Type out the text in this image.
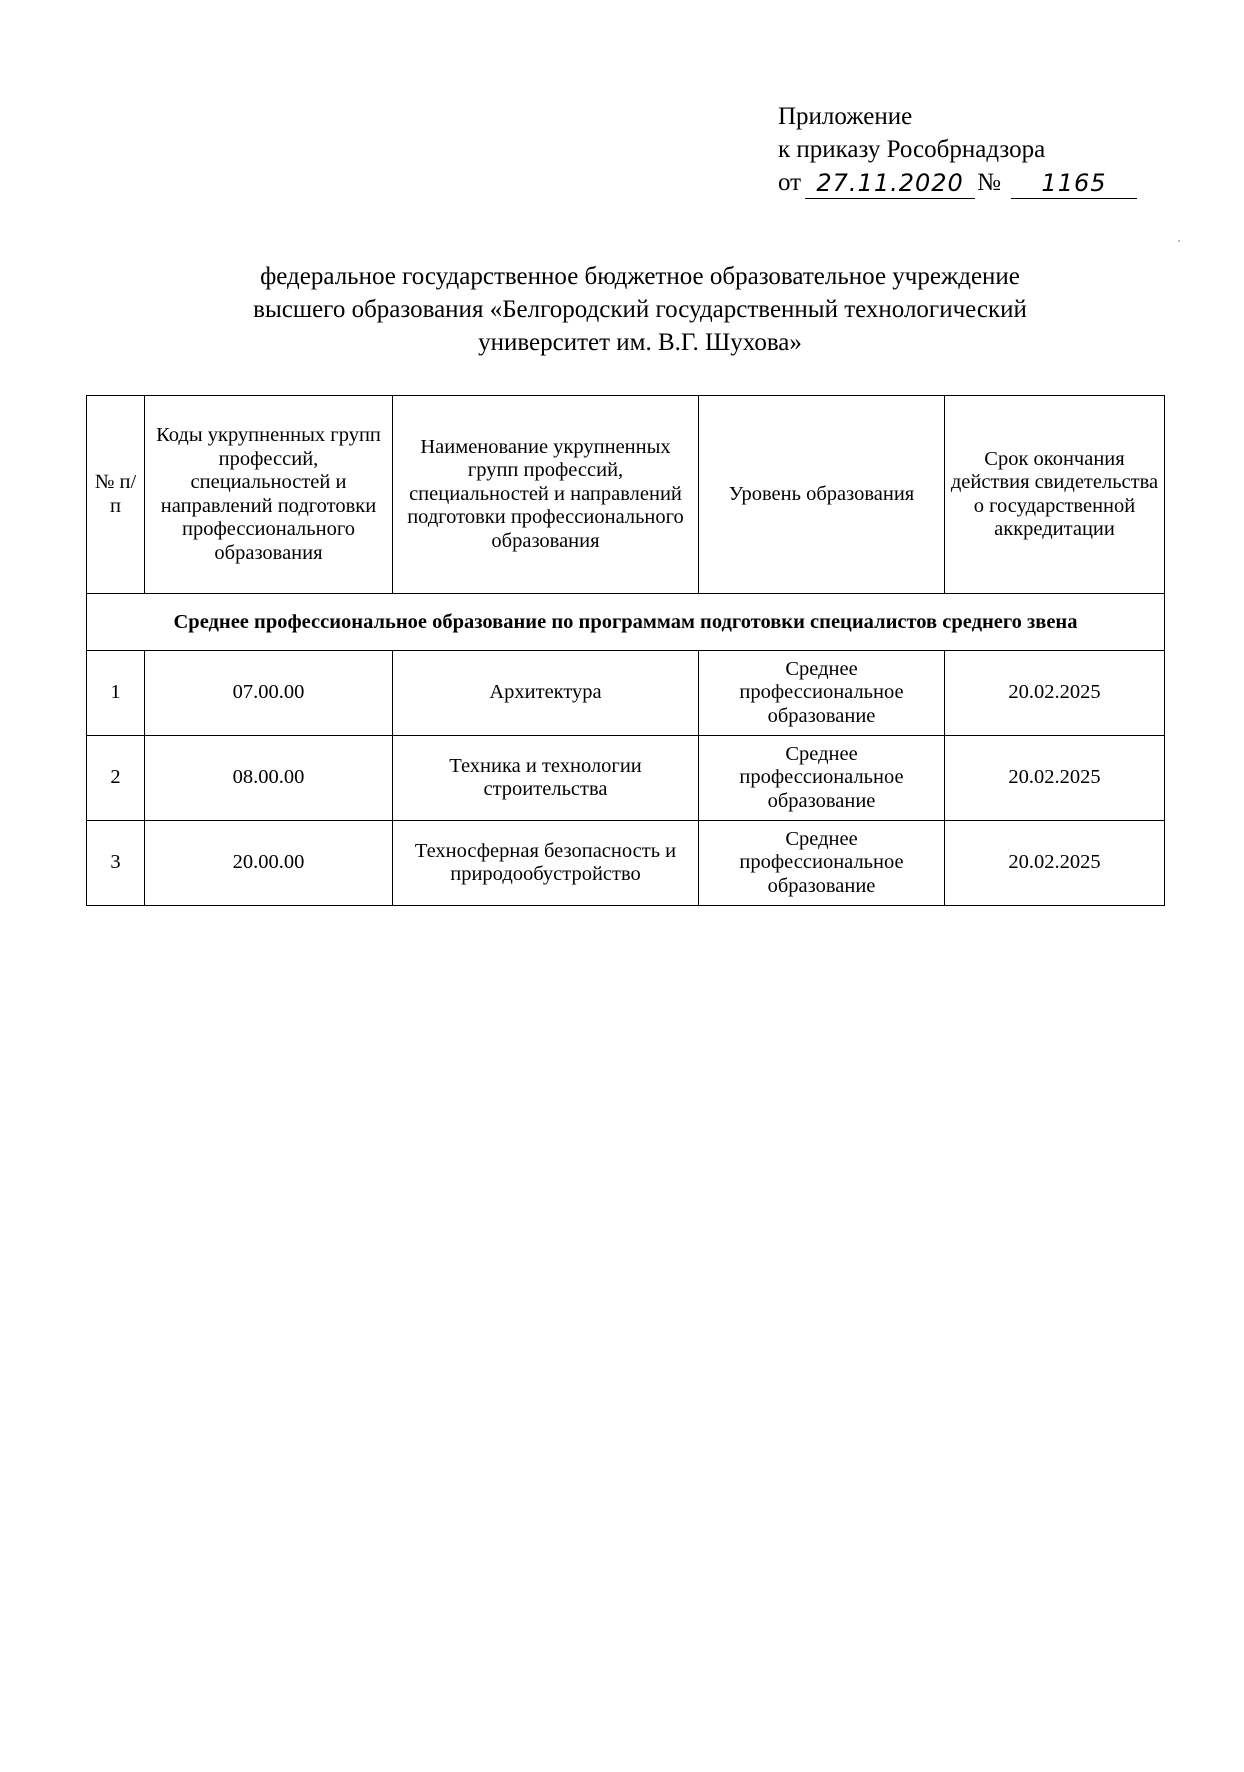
Приложение
к приказу Рособрнадзора
от 27.11.2020 №	1165
федеральное государственное бюджетное образовательное учреждение
высшего образования «Белгородский государственный технологический
университет им. В.Г. Шухова»
№ п/п	Коды укрупненных групп профессий, специальностей и направлений подготовки профессионального образования	Наименование укрупненных групп профессий, специальностей и направлений подготовки профессионального образования	Уровень образования	Срок окончания действия свидетельства о государственной аккредитации
Среднее профессиональное образование по программам подготовки специалистов среднего звена				
1	07.00.00	Архитектура	Среднее профессиональное образование	20.02.2025
2	08.00.00	Техника и технологии строительства	Среднее профессиональное образование	20.02.2025
3	20.00.00	Техносферная безопасность и природообустройство	Среднее профессиональное образование	20.02.2025
